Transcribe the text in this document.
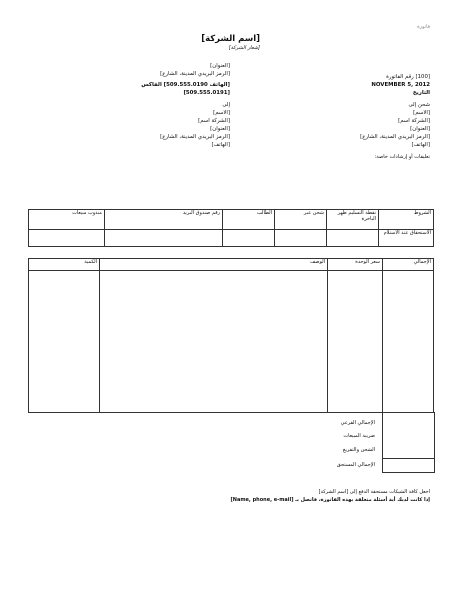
فاتورة
[اسم الشركة]
[شعار الشركة]
[العنوان]
[الرمز البريدي المدينة، الشارع]
[الهاتف 509.555.0190] الفاكس [509.555.0191]
[100] رقم الفاتورة
NOVEMBER 5, 2012 التاريخ
إلى
[الاسم]
[الشركة اسم]
[العنوان]
[الرمز البريدي المدينة، الشارع]
[الهاتف]
شحن إلى
[الاسم]
[الشركة اسم]
[العنوان]
[الرمز البريدي المدينة، الشارع]
[الهاتف]
تعليقات أو إرشادات خاصة:
الشروط	نقطة التسليم ظهر الباخرة	شحن عبر	الطالب	رقم صندوق البريد	مندوب مبيعات
الاستحقاق عند الاستلام					
الإجمالي	سعر الوحدة	الوصف	الكمية

الإجمالي الفرعي
ضريبة المبيعات
الشحن والتفريغ
الإجمالي المستحق
اجعل كافة الشيكات مستحقة الدفع إلى [اسم الشركة]
إذا كانت لديك أية أسئلة متعلقة بهذه الفاتورة، فاتصل بـ [Name, phone, e-mail]
